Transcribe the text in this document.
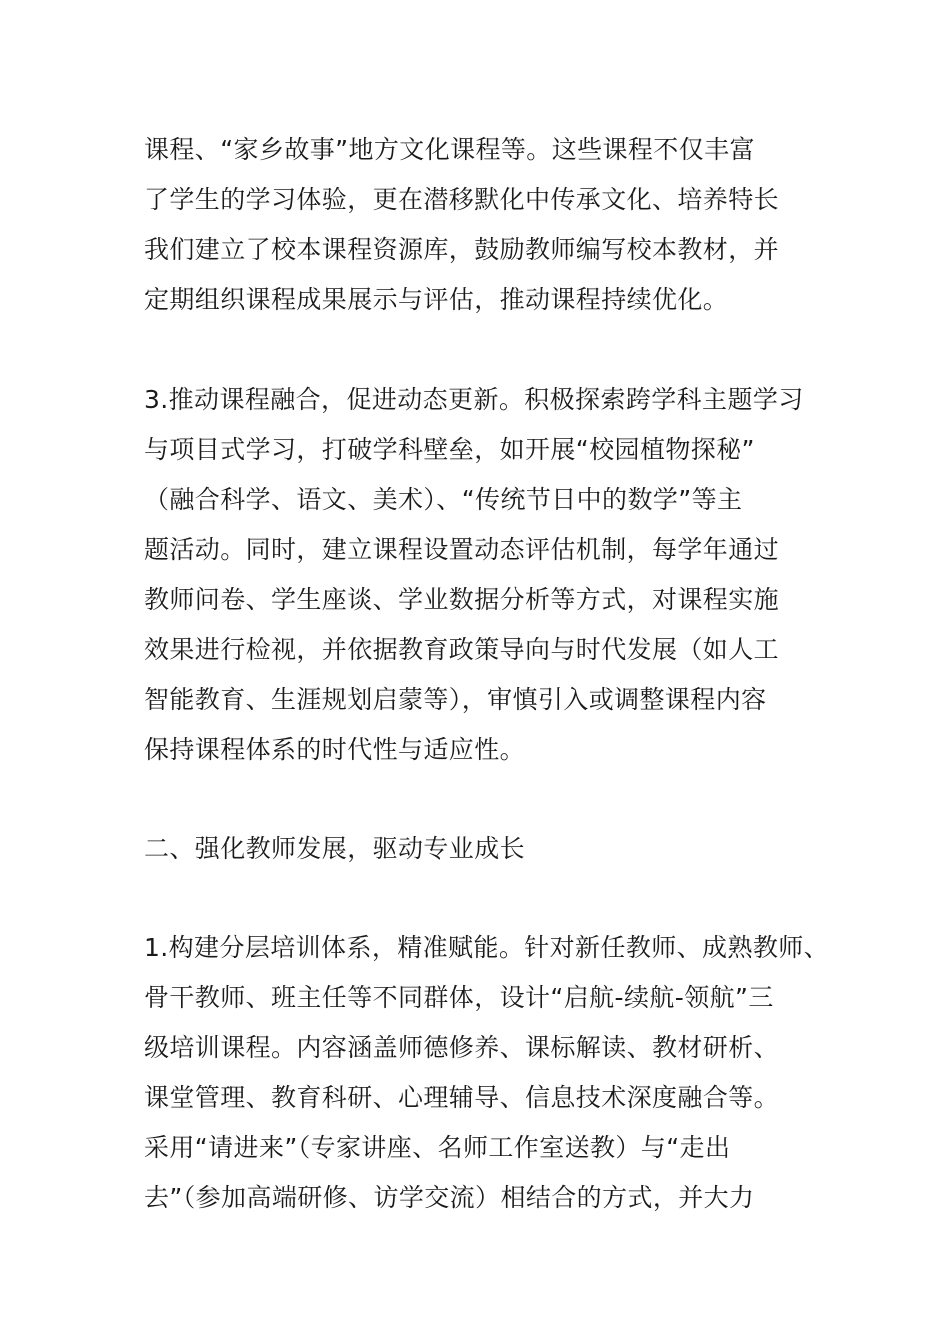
课程、“家乡故事”地方文化课程等。这些课程不仅丰富
了学生的学习体验，更在潜移默化中传承文化、培养特长
我们建立了校本课程资源库，鼓励教师编写校本教材，并
定期组织课程成果展示与评估，推动课程持续优化。
3.推动课程融合，促进动态更新。积极探索跨学科主题学习
与项目式学习，打破学科壁垒，如开展“校园植物探秘”
（融合科学、语文、美术）、“传统节日中的数学”等主
题活动。同时，建立课程设置动态评估机制，每学年通过
教师问卷、学生座谈、学业数据分析等方式，对课程实施
效果进行检视，并依据教育政策导向与时代发展（如人工
智能教育、生涯规划启蒙等），审慎引入或调整课程内容
保持课程体系的时代性与适应性。
二、强化教师发展，驱动专业成长
1.构建分层培训体系，精准赋能。针对新任教师、成熟教师、
骨干教师、班主任等不同群体，设计“启航-续航-领航”三
级培训课程。内容涵盖师德修养、课标解读、教材研析、
课堂管理、教育科研、心理辅导、信息技术深度融合等。
采用“请进来”（专家讲座、名师工作室送教）与“走出
去”（参加高端研修、访学交流）相结合的方式，并大力
